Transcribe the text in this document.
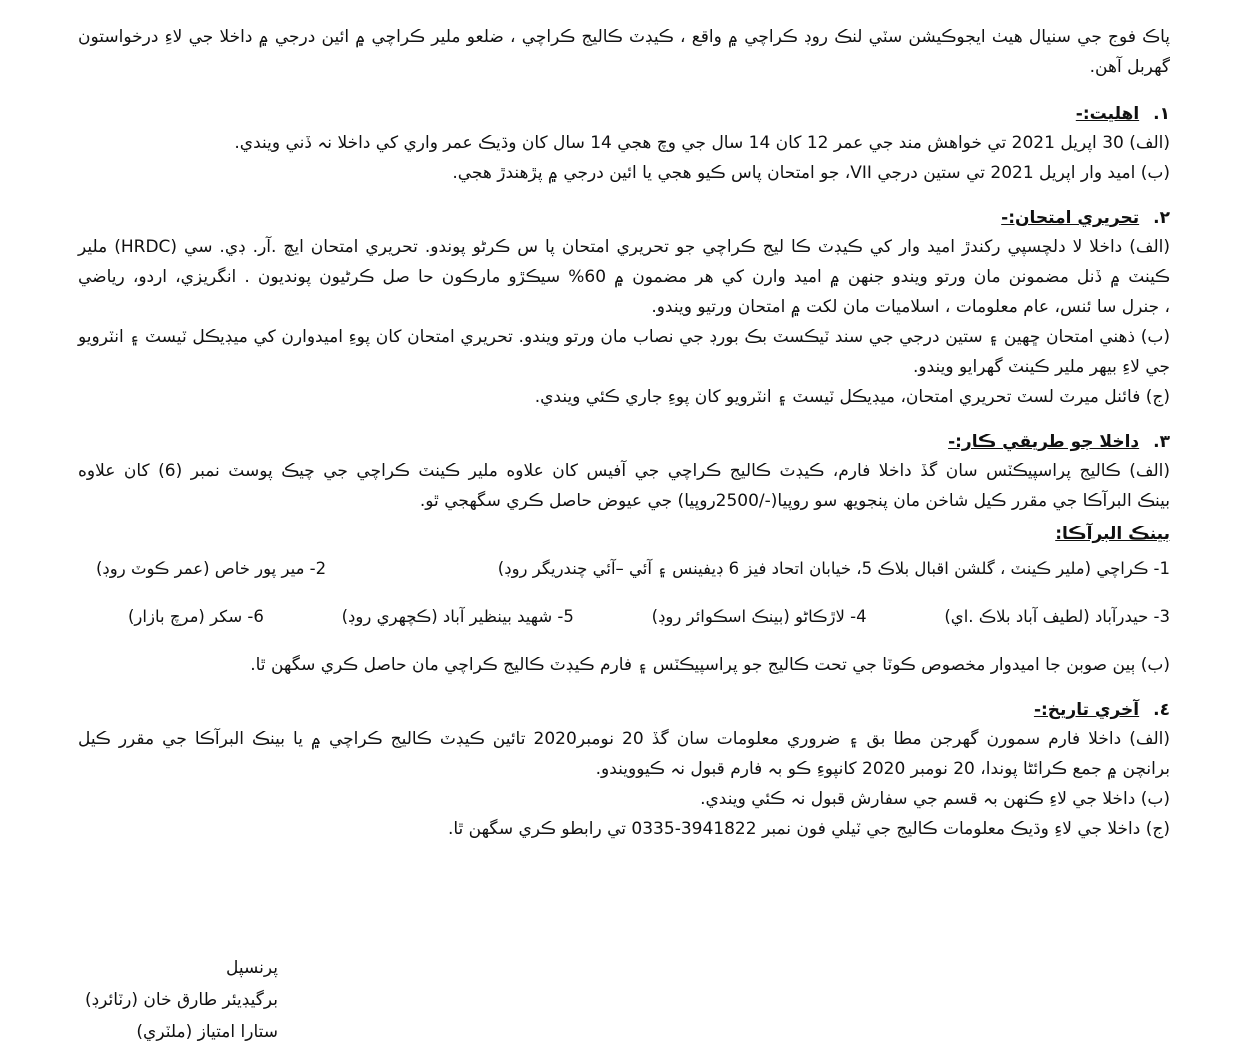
پاڪ فوج جي سنيال هيٺ ايجوڪيشن سٽي لنڪ روڊ ڪراچي ۾ واقع ، ڪيڊٽ ڪاليج ڪراچي ، ضلعو ملير ڪراچي ۾ ائين درجي ۾ داخلا جي لاءِ درخواستون

گهربل آهن.

١.اهليت:-

(الف) 30 اپريل 2021 تي خواهش مند جي عمر 12 کان 14 سال جي وچ هجي 14 سال کان وڌيڪ عمر واري کي داخلا نہ ڏني ويندي.

(ب) اميد وار اپريل 2021 تي ستين درجي VII، جو امتحان پاس ڪيو هجي يا ائين درجي ۾ پڙهندڙ هجي.

٢.تحريري امتحان:-

(الف) داخلا لا دلچسپي رکندڙ اميد وار کي ڪيڊٽ ڪا ليج ڪراچي جو تحريري امتحان پا س ڪرڻو پوندو. تحريري امتحان ايچ .آر. ڊي. سي (HRDC) ملير

ڪينٽ ۾ ڏنل مضمونن مان ورتو ويندو جنهن ۾ اميد وارن کي هر مضمون ۾ 60% سيڪڙو مارڪون حا صل ڪرڻيون پونديون . انگريزي، اردو، رياضي

، جنرل سا ئنس، عام معلومات ، اسلاميات مان لکت ۾ امتحان ورتيو ويندو.

(ب) ذهني امتحان ڇهين ۽ ستين درجي جي سند ٽيڪسٽ بڪ بورڊ جي نصاب مان ورتو ويندو. تحريري امتحان کان پوءِ اميدوارن کي ميڊيڪل ٽيسٽ ۽ انٽرويو

جي لاءِ بيهر ملير ڪينٽ گهرايو ويندو.

(ج) فائنل ميرٽ لسٽ تحريري امتحان، ميڊيڪل ٽيسٽ ۽ انٽرويو کان پوءِ جاري ڪئي ويندي.

٣.داخلا جو طريقي ڪار:-

(الف) ڪاليج پراسپيڪٽس سان گڏ داخلا فارم، ڪيڊٽ ڪاليج ڪراچي جي آفيس کان علاوه ملير ڪينٽ ڪراچي جي چيڪ پوسٽ نمبر (6) کان علاوه

بينڪ البرآڪا جي مقرر ڪيل شاخن مان پنجويھ سو روپيا(-/2500روپيا) جي عيوض حاصل ڪري سگهجي ٿو.

بينڪ البرآڪا:

1- ڪراچي (ملير ڪينٽ ، گلشن اقبال بلاڪ 5، خيابان اتحاد فيز 6 ڊيفينس ۽ آئي –آئي چندريگر روڊ)
2- مير پور خاص (عمر ڪوٽ روڊ)
3- حيدرآباد (لطيف آباد بلاڪ .اي)
4- لاڙڪاڻو (بينڪ اسڪوائر روڊ)
5- شهيد بينظير آباد (ڪچهري روڊ)
6- سکر (مرچ بازار)

(ب) ٻين صوبن جا اميدوار مخصوص ڪوٽا جي تحت ڪاليج جو پراسپيڪٽس ۽ فارم ڪيڊٽ ڪاليج ڪراچي مان حاصل ڪري سگهن ٿا.

٤.آخري تاريخ:-

(الف) داخلا فارم سمورن گهرجن مطا بق ۽ ضروري معلومات سان گڏ 20 نومبر2020 تائين ڪيڊٽ ڪاليج ڪراچي ۾ يا بينڪ البرآڪا جي مقرر ڪيل

برانچن ۾ جمع ڪرائڻا پوندا، 20 نومبر 2020 کانپوءِ ڪو بہ فارم قبول نہ ڪيوويندو.

(ب) داخلا جي لاءِ ڪنهن بہ قسم جي سفارش قبول نہ ڪئي ويندي.

(ج) داخلا جي لاءِ وڌيڪ معلومات ڪاليج جي ٽيلي فون نمبر 3941822-0335 تي رابطو ڪري سگهن ٿا.

پرنسپل

برگيڊيئر طارق خان (رٽائرڊ)

ستارا امتياز (ملٽري)
